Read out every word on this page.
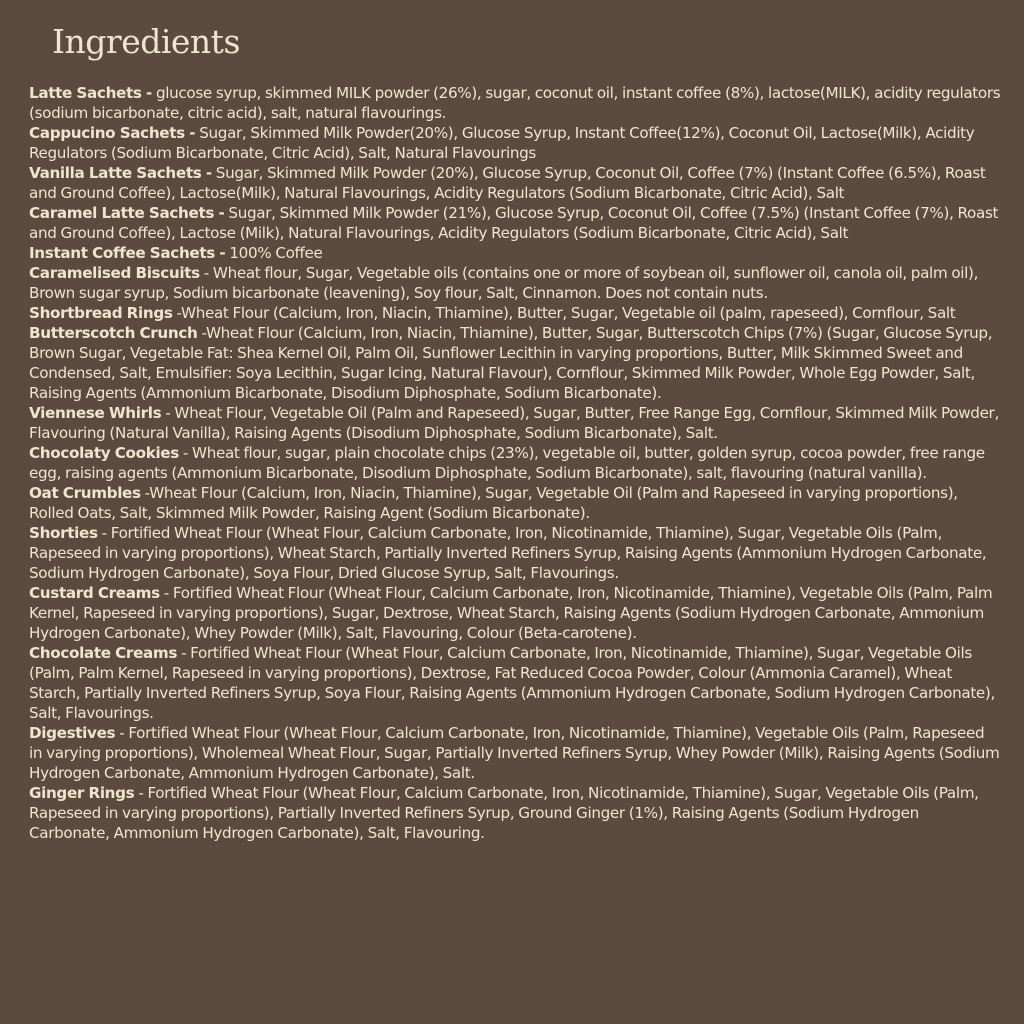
Ingredients

Latte Sachets - glucose syrup, skimmed MILK powder (26%), sugar, coconut oil, instant coffee (8%), lactose(MILK), acidity regulators (sodium bicarbonate, citric acid), salt, natural flavourings.

Cappucino Sachets - Sugar, Skimmed Milk Powder(20%), Glucose Syrup, Instant Coffee(12%), Coconut Oil, Lactose(Milk), Acidity Regulators (Sodium Bicarbonate, Citric Acid), Salt, Natural Flavourings

Vanilla Latte Sachets - Sugar, Skimmed Milk Powder (20%), Glucose Syrup, Coconut Oil, Coffee (7%) (Instant Coffee (6.5%), Roast and Ground Coffee), Lactose(Milk), Natural Flavourings, Acidity Regulators (Sodium Bicarbonate, Citric Acid), Salt

Caramel Latte Sachets - Sugar, Skimmed Milk Powder (21%), Glucose Syrup, Coconut Oil, Coffee (7.5%) (Instant Coffee (7%), Roast and Ground Coffee), Lactose (Milk), Natural Flavourings, Acidity Regulators (Sodium Bicarbonate, Citric Acid), Salt

Instant Coffee Sachets - 100% Coffee

Caramelised Biscuits - Wheat flour, Sugar, Vegetable oils (contains one or more of soybean oil, sunflower oil, canola oil, palm oil), Brown sugar syrup, Sodium bicarbonate (leavening), Soy flour, Salt, Cinnamon. Does not contain nuts.

Shortbread Rings -Wheat Flour (Calcium, Iron, Niacin, Thiamine), Butter, Sugar, Vegetable oil (palm, rapeseed), Cornflour, Salt

Butterscotch Crunch -Wheat Flour (Calcium, Iron, Niacin, Thiamine), Butter, Sugar, Butterscotch Chips (7%) (Sugar, Glucose Syrup, Brown Sugar, Vegetable Fat: Shea Kernel Oil, Palm Oil, Sunflower Lecithin in varying proportions, Butter, Milk Skimmed Sweet and Condensed, Salt, Emulsifier: Soya Lecithin, Sugar Icing, Natural Flavour), Cornflour, Skimmed Milk Powder, Whole Egg Powder, Salt, Raising Agents (Ammonium Bicarbonate, Disodium Diphosphate, Sodium Bicarbonate).

Viennese Whirls - Wheat Flour, Vegetable Oil (Palm and Rapeseed), Sugar, Butter, Free Range Egg, Cornflour, Skimmed Milk Powder, Flavouring (Natural Vanilla), Raising Agents (Disodium Diphosphate, Sodium Bicarbonate), Salt.

Chocolaty Cookies - Wheat flour, sugar, plain chocolate chips (23%), vegetable oil, butter, golden syrup, cocoa powder, free range egg, raising agents (Ammonium Bicarbonate, Disodium Diphosphate, Sodium Bicarbonate), salt, flavouring (natural vanilla).

Oat Crumbles -Wheat Flour (Calcium, Iron, Niacin, Thiamine), Sugar, Vegetable Oil (Palm and Rapeseed in varying proportions), Rolled Oats, Salt, Skimmed Milk Powder, Raising Agent (Sodium Bicarbonate).

Shorties - Fortified Wheat Flour (Wheat Flour, Calcium Carbonate, Iron, Nicotinamide, Thiamine), Sugar, Vegetable Oils (Palm, Rapeseed in varying proportions), Wheat Starch, Partially Inverted Refiners Syrup, Raising Agents (Ammonium Hydrogen Carbonate, Sodium Hydrogen Carbonate), Soya Flour, Dried Glucose Syrup, Salt, Flavourings.

Custard Creams - Fortified Wheat Flour (Wheat Flour, Calcium Carbonate, Iron, Nicotinamide, Thiamine), Vegetable Oils (Palm, Palm Kernel, Rapeseed in varying proportions), Sugar, Dextrose, Wheat Starch, Raising Agents (Sodium Hydrogen Carbonate, Ammonium Hydrogen Carbonate), Whey Powder (Milk), Salt, Flavouring, Colour (Beta-carotene).

Chocolate Creams - Fortified Wheat Flour (Wheat Flour, Calcium Carbonate, Iron, Nicotinamide, Thiamine), Sugar, Vegetable Oils (Palm, Palm Kernel, Rapeseed in varying proportions), Dextrose, Fat Reduced Cocoa Powder, Colour (Ammonia Caramel), Wheat Starch, Partially Inverted Refiners Syrup, Soya Flour, Raising Agents (Ammonium Hydrogen Carbonate, Sodium Hydrogen Carbonate), Salt, Flavourings.

Digestives - Fortified Wheat Flour (Wheat Flour, Calcium Carbonate, Iron, Nicotinamide, Thiamine), Vegetable Oils (Palm, Rapeseed in varying proportions), Wholemeal Wheat Flour, Sugar, Partially Inverted Refiners Syrup, Whey Powder (Milk), Raising Agents (Sodium Hydrogen Carbonate, Ammonium Hydrogen Carbonate), Salt.

Ginger Rings - Fortified Wheat Flour (Wheat Flour, Calcium Carbonate, Iron, Nicotinamide, Thiamine), Sugar, Vegetable Oils (Palm, Rapeseed in varying proportions), Partially Inverted Refiners Syrup, Ground Ginger (1%), Raising Agents (Sodium Hydrogen Carbonate, Ammonium Hydrogen Carbonate), Salt, Flavouring.
